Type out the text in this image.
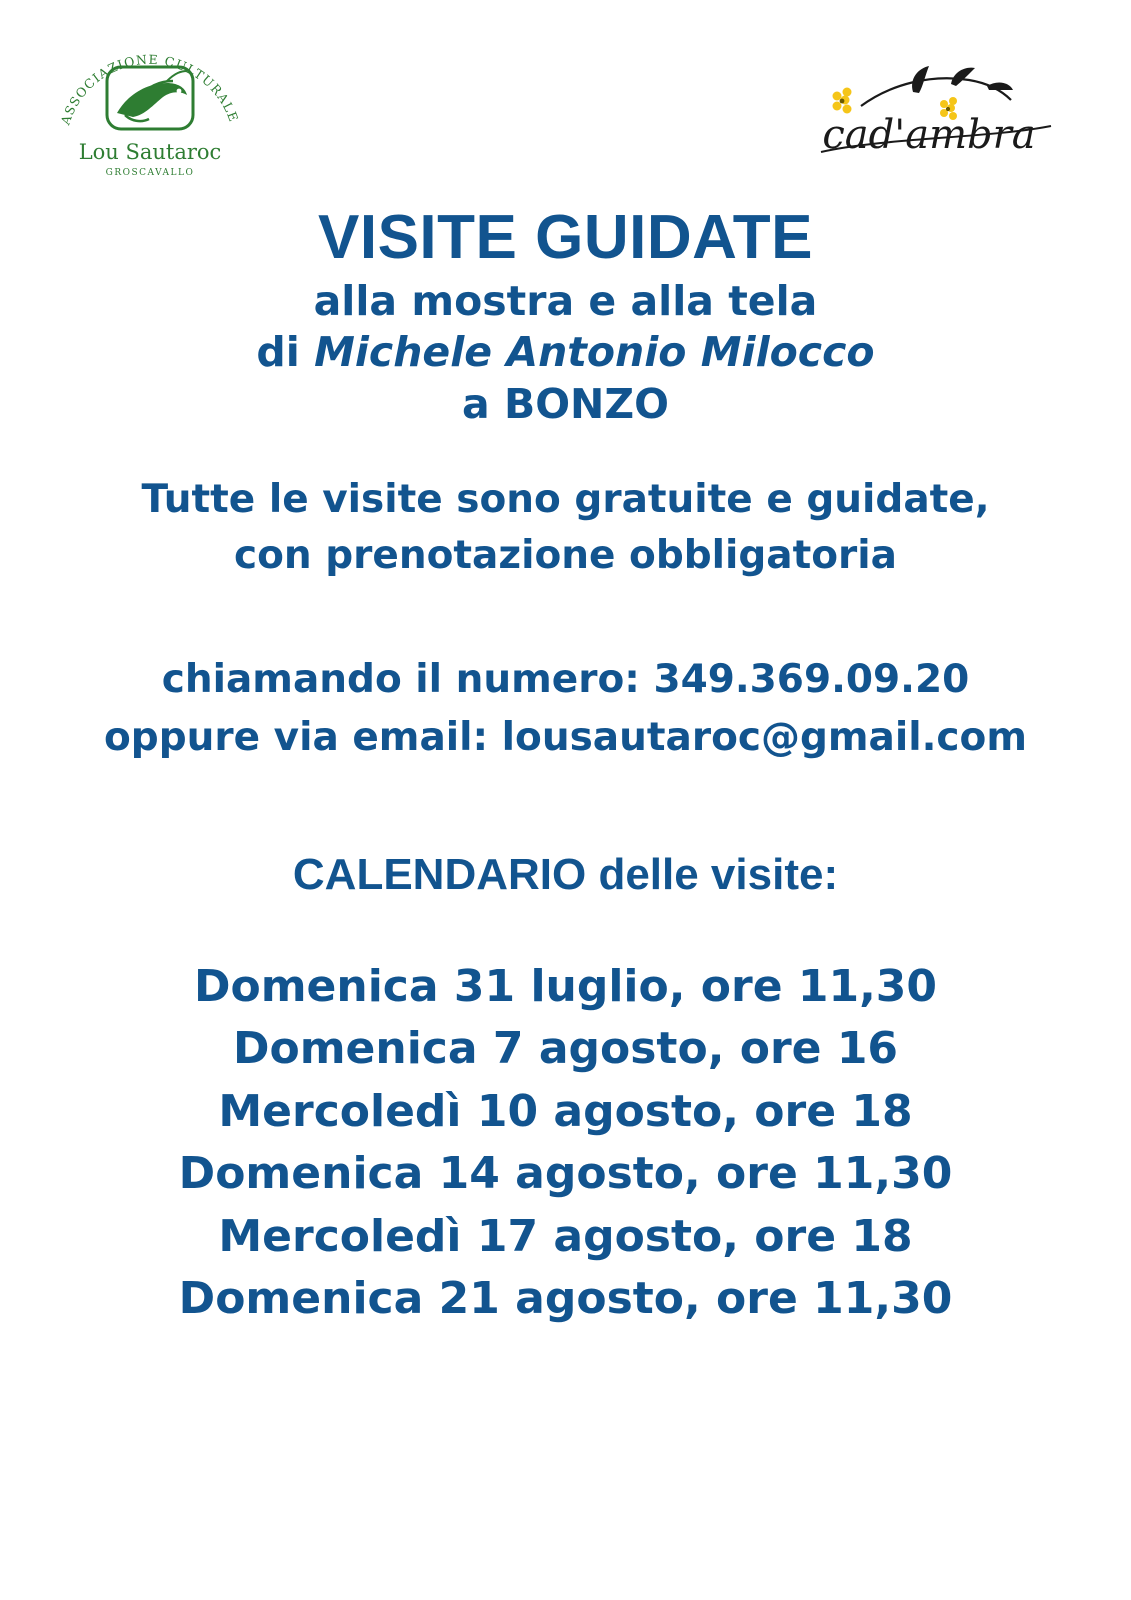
ASSOCIAZIONE CULTURALE
Lou Sautaroc
GROSCAVALLO
cad'ambra
VISITE GUIDATE

alla mostra e alla tela

di Michele Antonio Milocco

a BONZO

Tutte le visite sono gratuite e guidate,

con prenotazione obbligatoria

chiamando il numero: 349.369.09.20

oppure via email: lousautaroc@gmail.com

CALENDARIO delle visite:
Domenica 31 luglio, ore 11,30
Domenica 7 agosto, ore 16
Mercoledì 10 agosto, ore 18
Domenica 14 agosto, ore 11,30
Mercoledì 17 agosto, ore 18
Domenica 21 agosto, ore 11,30
